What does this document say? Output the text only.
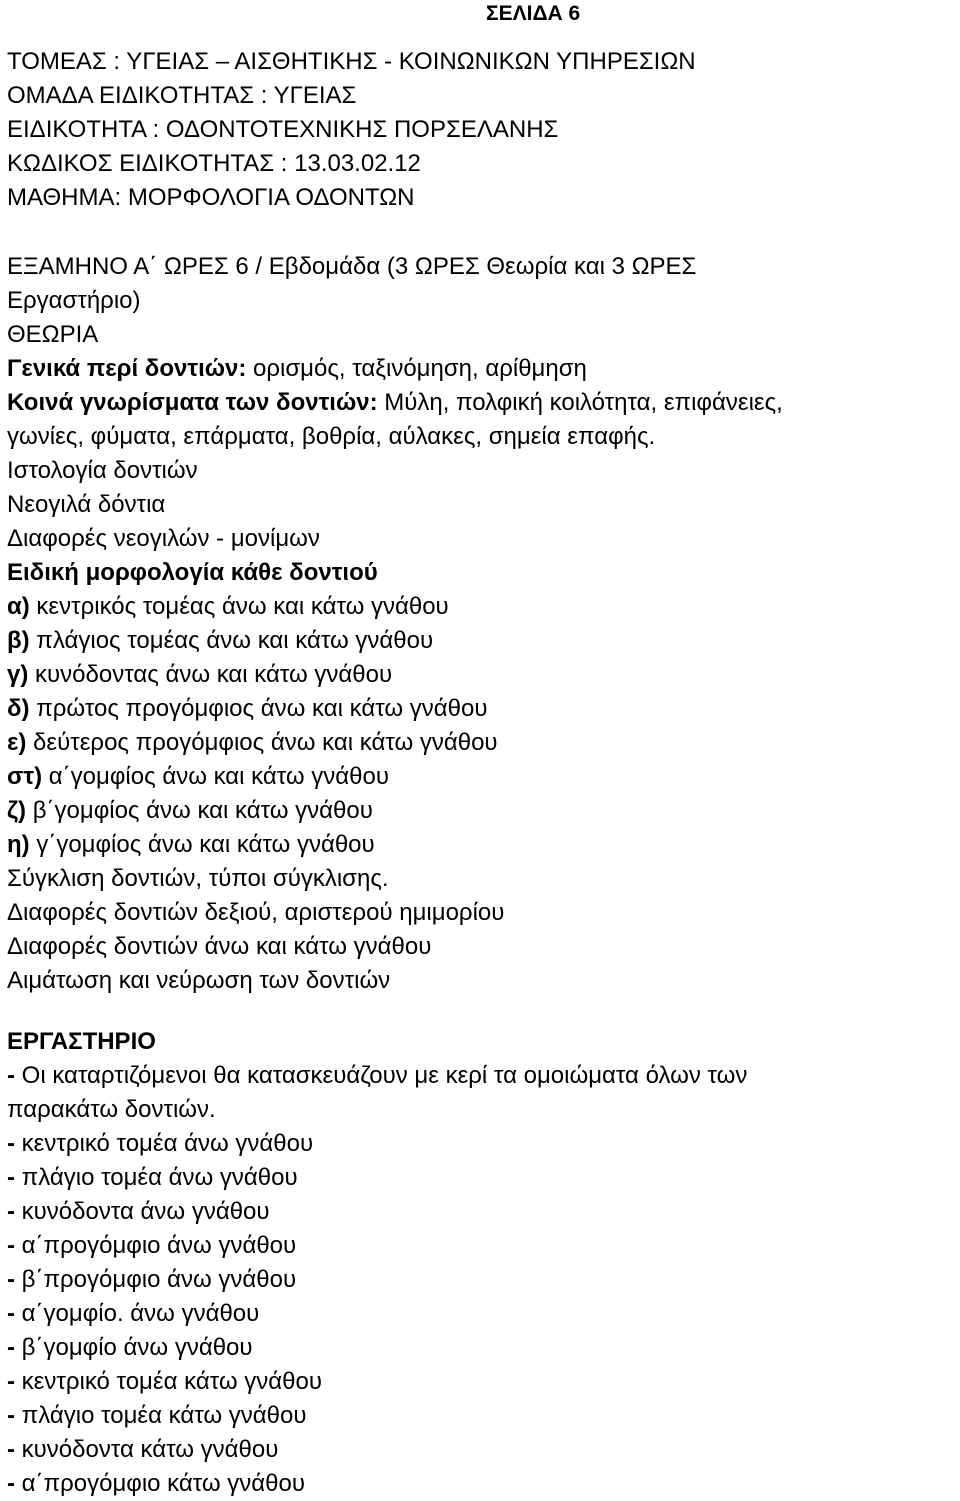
ΣΕΛΙΔΑ 6

ΤΟΜΕΑΣ : ΥΓΕΙΑΣ – ΑΙΣΘΗΤΙΚΗΣ - ΚΟΙΝΩΝΙΚΩΝ ΥΠΗΡΕΣΙΩΝ
ΟΜΑΔΑ ΕΙΔΙΚΟΤΗΤΑΣ : ΥΓΕΙΑΣ
ΕΙΔΙΚΟΤΗΤΑ : ΟΔΟΝΤΟΤΕΧΝΙΚΗΣ ΠΟΡΣΕΛΑΝΗΣ
ΚΩΔΙΚΟΣ ΕΙΔΙΚΟΤΗΤΑΣ : 13.03.02.12
ΜΑΘΗΜΑ: ΜΟΡΦΟΛΟΓΙΑ ΟΔΟΝΤΩΝ
ΕΞΑΜΗΝΟ Α΄ ΩΡΕΣ 6 / Εβδομάδα (3 ΩΡΕΣ Θεωρία και 3 ΩΡΕΣ
Εργαστήριο)
ΘΕΩΡΙΑ
Γενικά περί δοντιών: ορισμός, ταξινόμηση, αρίθμηση
Κοινά γνωρίσματα των δοντιών: Μύλη, πολφική κοιλότητα, επιφάνειες,
γωνίες, φύματα, επάρματα, βοθρία, αύλακες, σημεία επαφής.
Ιστολογία δοντιών
Νεογιλά δόντια
Διαφορές νεογιλών - μονίμων
Ειδική μορφολογία κάθε δοντιού
α) κεντρικός τομέας άνω και κάτω γνάθου
β) πλάγιος τομέας άνω και κάτω γνάθου
γ) κυνόδοντας άνω και κάτω γνάθου
δ) πρώτος προγόμφιος άνω και κάτω γνάθου
ε) δεύτερος προγόμφιος άνω και κάτω γνάθου
στ) α΄γομφίος άνω και κάτω γνάθου
ζ) β΄γομφίος άνω και κάτω γνάθου
η) γ΄γομφίος άνω και κάτω γνάθου
Σύγκλιση δοντιών, τύποι σύγκλισης.
Διαφορές δοντιών δεξιού, αριστερού ημιμορίου
Διαφορές δοντιών άνω και κάτω γνάθου
Αιμάτωση και νεύρωση των δοντιών
ΕΡΓΑΣΤΗΡΙΟ
- Οι καταρτιζόμενοι θα κατασκευάζουν με κερί τα ομοιώματα όλων των
παρακάτω δοντιών.
- κεντρικό τομέα άνω γνάθου
- πλάγιο τομέα άνω γνάθου
- κυνόδοντα άνω γνάθου
- α΄προγόμφιο άνω γνάθου
- β΄προγόμφιο άνω γνάθου
- α΄γομφίο. άνω γνάθου
- β΄γομφίο άνω γνάθου
- κεντρικό τομέα κάτω γνάθου
- πλάγιο τομέα κάτω γνάθου
- κυνόδοντα κάτω γνάθου
- α΄προγόμφιο κάτω γνάθου
